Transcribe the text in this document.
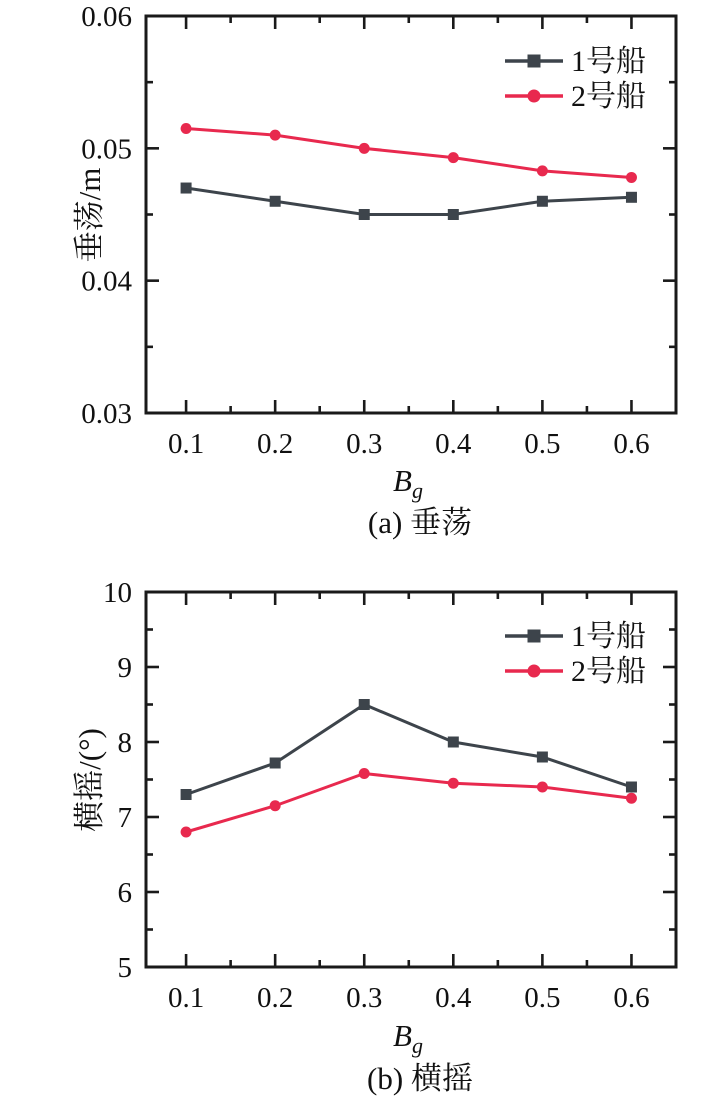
0.1 0.2 0.3 0.4 0.5 0.6
0.03
0.04
0.05
0.06
1号船
2号船
垂荡/m
Bg
(a) 垂荡
0.1 0.2 0.3 0.4 0.5 0.6
5
6
7
8
9
10
1号船
2号船
横摇/(°)
Bg
(b) 横摇
